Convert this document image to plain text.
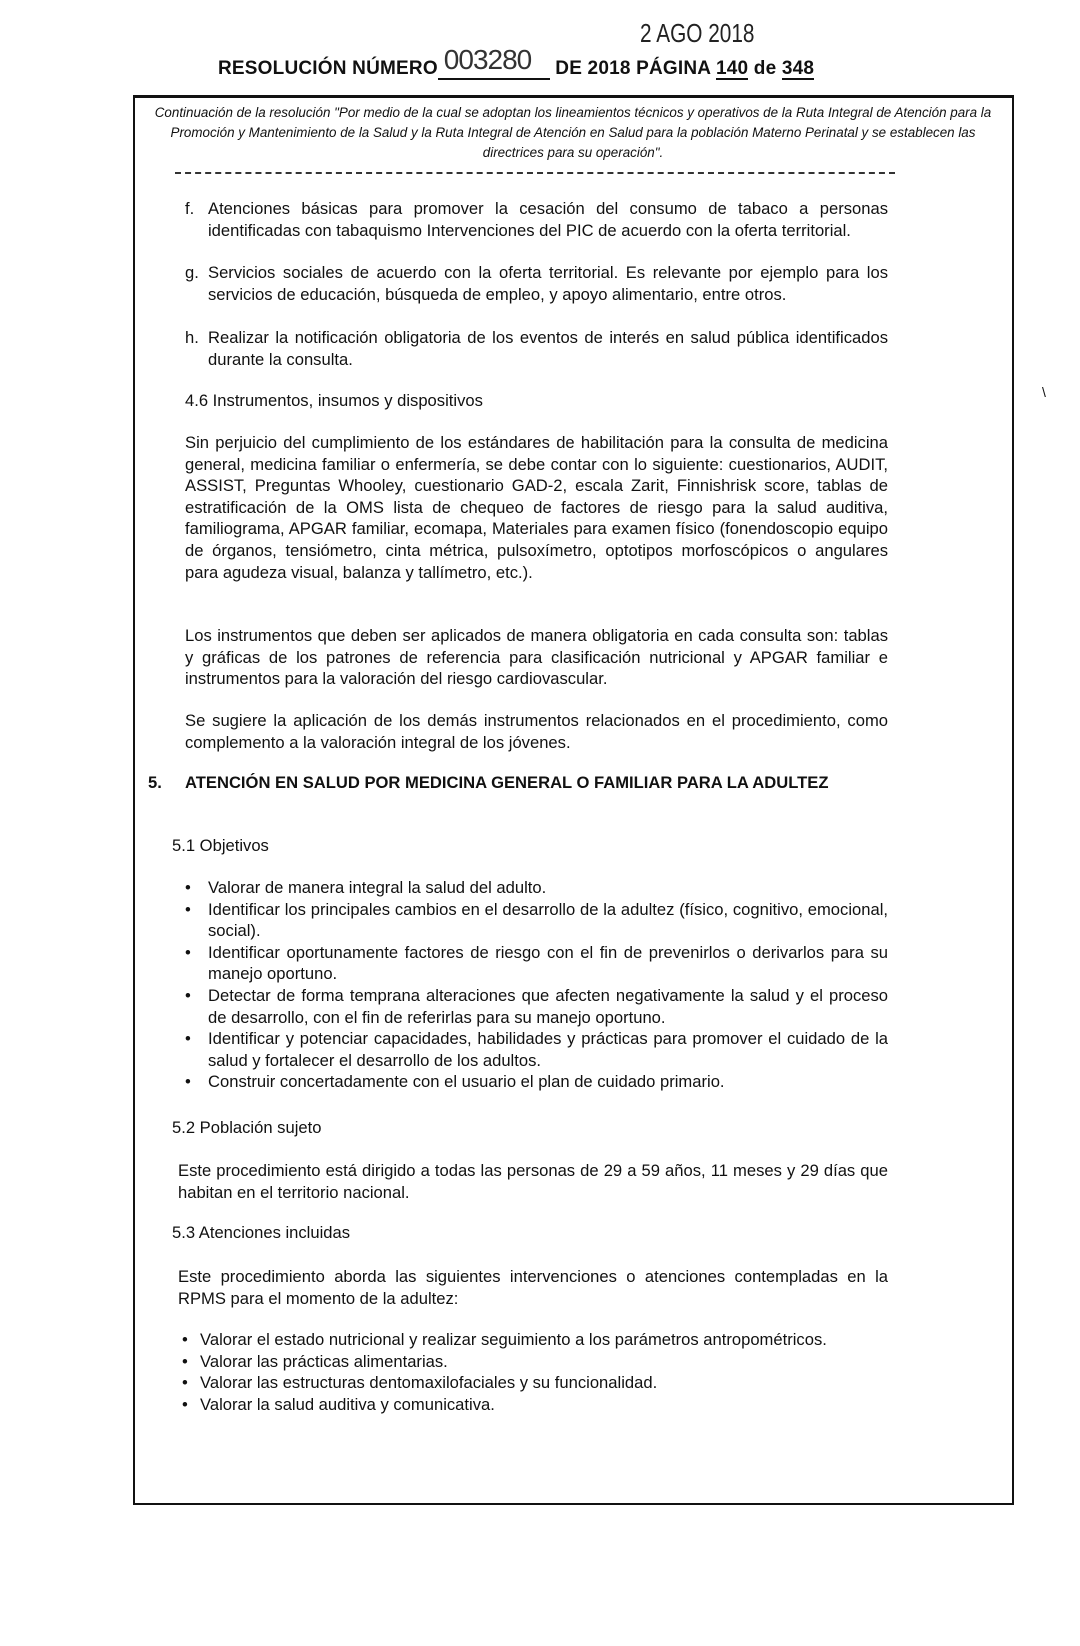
2 AGO 2018
RESOLUCIÓN NÚMERO 003280 DE 2018 PÁGINA 140 de 348
Continuación de la resolución "Por medio de la cual se adoptan los lineamientos técnicos y operativos de la Ruta Integral de Atención para la Promoción y Mantenimiento de la Salud y la Ruta Integral de Atención en Salud para la población Materno Perinatal y se establecen las directrices para su operación".
f. Atenciones básicas para promover la cesación del consumo de tabaco a personas identificadas con tabaquismo Intervenciones del PIC de acuerdo con la oferta territorial.
g. Servicios sociales de acuerdo con la oferta territorial. Es relevante por ejemplo para los servicios de educación, búsqueda de empleo, y apoyo alimentario, entre otros.
h. Realizar la notificación obligatoria de los eventos de interés en salud pública identificados durante la consulta.
4.6 Instrumentos, insumos y dispositivos	\
Sin perjuicio del cumplimiento de los estándares de habilitación para la consulta de medicina general, medicina familiar o enfermería, se debe contar con lo siguiente: cuestionarios, AUDIT, ASSIST, Preguntas Whooley, cuestionario GAD-2, escala Zarit, Finnishrisk score, tablas de estratificación de la OMS lista de chequeo de factores de riesgo para la salud auditiva, familiograma, APGAR familiar, ecomapa, Materiales para examen físico (fonendoscopio equipo de órganos, tensiómetro, cinta métrica, pulsoxímetro, optotipos morfoscópicos o angulares para agudeza visual, balanza y tallímetro, etc.).
Los instrumentos que deben ser aplicados de manera obligatoria en cada consulta son: tablas y gráficas de los patrones de referencia para clasificación nutricional y APGAR familiar e instrumentos para la valoración del riesgo cardiovascular.
Se sugiere la aplicación de los demás instrumentos relacionados en el procedimiento, como complemento a la valoración integral de los jóvenes.
5. ATENCIÓN EN SALUD POR MEDICINA GENERAL O FAMILIAR PARA LA ADULTEZ
5.1 Objetivos
• Valorar de manera integral la salud del adulto.
• Identificar los principales cambios en el desarrollo de la adultez (físico, cognitivo, emocional, social).
• Identificar oportunamente factores de riesgo con el fin de prevenirlos o derivarlos para su manejo oportuno.
• Detectar de forma temprana alteraciones que afecten negativamente la salud y el proceso de desarrollo, con el fin de referirlas para su manejo oportuno.
• Identificar y potenciar capacidades, habilidades y prácticas para promover el cuidado de la salud y fortalecer el desarrollo de los adultos.
• Construir concertadamente con el usuario el plan de cuidado primario.
5.2 Población sujeto
Este procedimiento está dirigido a todas las personas de 29 a 59 años, 11 meses y 29 días que habitan en el territorio nacional.
5.3 Atenciones incluidas
Este procedimiento aborda las siguientes intervenciones o atenciones contempladas en la RPMS para el momento de la adultez:
• Valorar el estado nutricional y realizar seguimiento a los parámetros antropométricos.
• Valorar las prácticas alimentarias.
• Valorar las estructuras dentomaxilofaciales y su funcionalidad.
• Valorar la salud auditiva y comunicativa.
